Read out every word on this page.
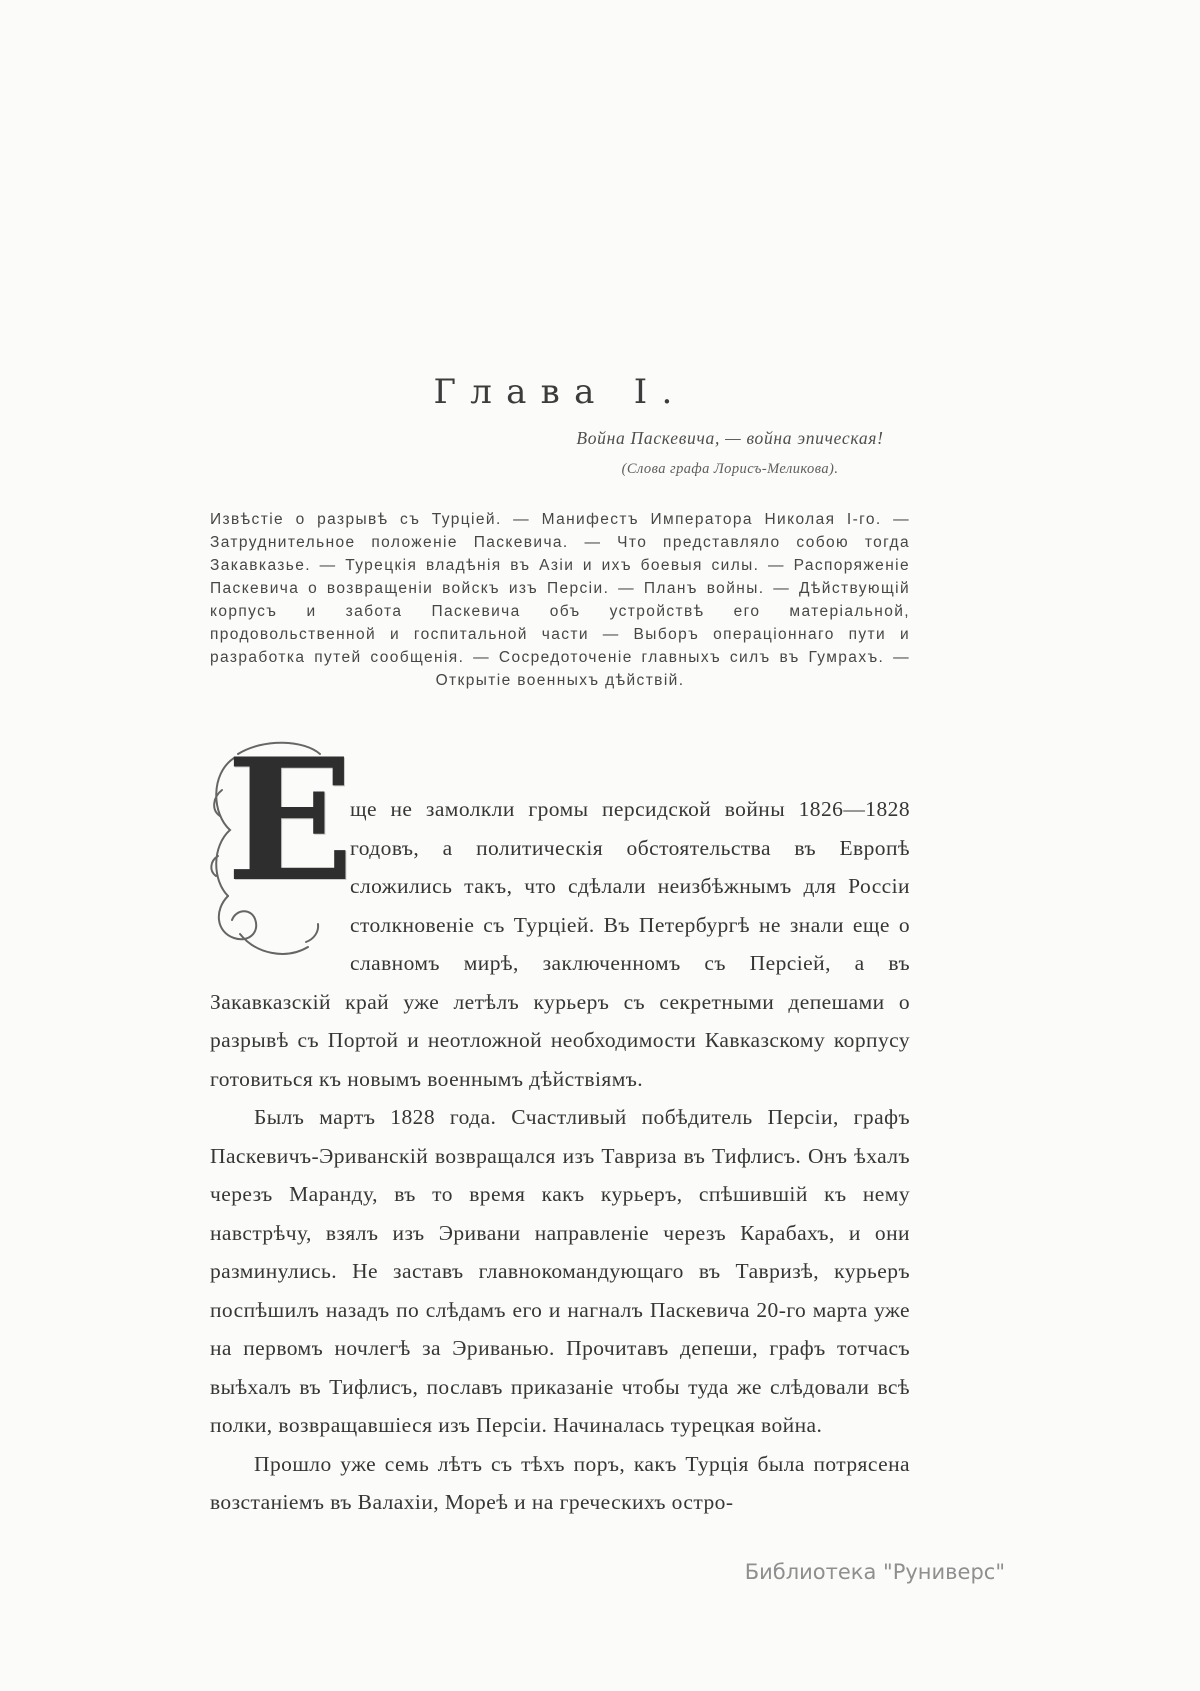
Глава I.
Война Паскевича, — война эпическая!
(Слова графа Лорисъ-Меликова).
Извѣстіе о разрывѣ съ Турціей. — Манифестъ Императора Николая I-го. — Затруднительное положеніе Паскевича. — Что представляло собою тогда Закавказье. — Турецкія владѣнія въ Азіи и ихъ боевыя силы. — Распоряженіе Паскевича о возвращеніи войскъ изъ Персіи. — Планъ войны. — Дѣйствующій корпусъ и забота Паскевича объ устройствѣ его матеріальной, продовольственной и госпитальной части — Выборъ операціоннаго пути и разработка путей сообщенія. — Сосредоточеніе главныхъ силъ въ Гумрахъ. — Открытіе военныхъ дѣйствій.

Е
ще не замолкли громы персидской войны 1826—1828 годовъ, а политическія обстоятельства въ Европѣ сложились такъ, что сдѣлали неизбѣжнымъ для Россіи столкновеніе съ Турціей. Въ Петербургѣ не знали еще о славномъ мирѣ, заключенномъ съ Персіей, а въ Закавказскій край уже летѣлъ курьеръ съ секретными депешами о разрывѣ съ Портой и неотложной необходимости Кавказскому корпусу готовиться къ новымъ военнымъ дѣйствіямъ.

Былъ мартъ 1828 года. Счастливый побѣдитель Персіи, графъ Паскевичъ-Эриванскій возвращался изъ Тавриза въ Тифлисъ. Онъ ѣхалъ черезъ Маранду, въ то время какъ курьеръ, спѣшившій къ нему навстрѣчу, взялъ изъ Эривани направленіе черезъ Карабахъ, и они разминулись. Не заставъ главнокомандующаго въ Тавризѣ, курьеръ поспѣшилъ назадъ по слѣдамъ его и нагналъ Паскевича 20-го марта уже на первомъ ночлегѣ за Эриванью. Прочитавъ депеши, графъ тотчасъ выѣхалъ въ Тифлисъ, пославъ приказаніе чтобы туда же слѣдовали всѣ полки, возвращавшіеся изъ Персіи. Начиналась турецкая война.

Прошло уже семь лѣтъ съ тѣхъ поръ, какъ Турція была потрясена возстаніемъ въ Валахіи, Мореѣ и на греческихъ остро-

Библиотека "Руниверс"
